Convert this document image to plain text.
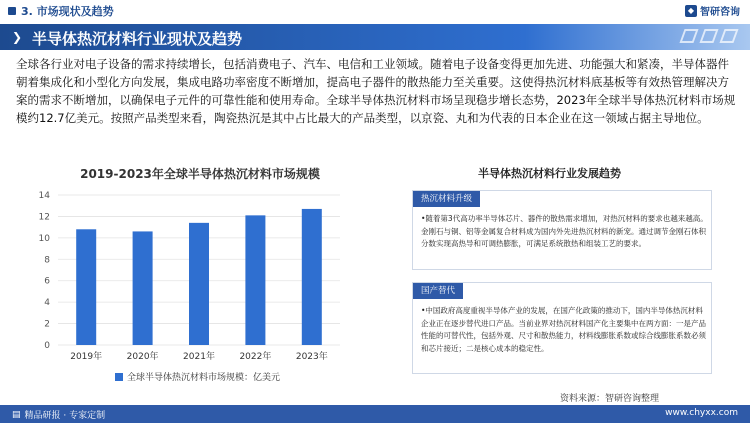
3. 市场现状及趋势	◆ 智研咨询
❯ 半导体热沉材料行业现状及趋势

全球各行业对电子设备的需求持续增长，包括消费电子、汽车、电信和工业领域。随着电子设备变得更加先进、功能强大和紧凑，半导体器件朝着集成化和小型化方向发展，集成电路功率密度不断增加，提高电子器件的散热能力至关重要。这使得热沉材料底基板等有效热管理解决方案的需求不断增加，以确保电子元件的可靠性能和使用寿命。全球半导体热沉材料市场呈现稳步增长态势，2023年全球半导体热沉材料市场规模约12.7亿美元。按照产品类型来看，陶瓷热沉是其中占比最大的产品类型，以京瓷、丸和为代表的日本企业在这一领域占据主导地位。

2019-2023年全球半导体热沉材料市场规模
0
2
4
6
8
10
12
14
2019年	2020年	2021年	2022年	2023年
全球半导体热沉材料市场规模：亿美元
半导体热沉材料行业发展趋势
热沉材料升级
•随着第3代高功率半导体芯片、器件的散热需求增加，对热沉材料的要求也越来越高。金刚石与铜、铝等金属复合材料成为国内外先进热沉材料的新宠。通过调节金刚石体积分数实现高热导和可调热膨胀，可满足系统散热和组装工艺的要求。
国产替代
•中国政府高度重视半导体产业的发展，在国产化政策的推动下，国内半导体热沉材料企业正在逐步替代进口产品。当前业界对热沉材料国产化主要集中在两方面：一是产品性能的可替代性，包括外观、尺寸和散热能力，材料线膨胀系数或综合线膨胀系数必须和芯片接近；二是核心成本的稳定性。
资料来源：智研咨询整理
▤ 精品研报 · 专家定制	www.chyxx.com
